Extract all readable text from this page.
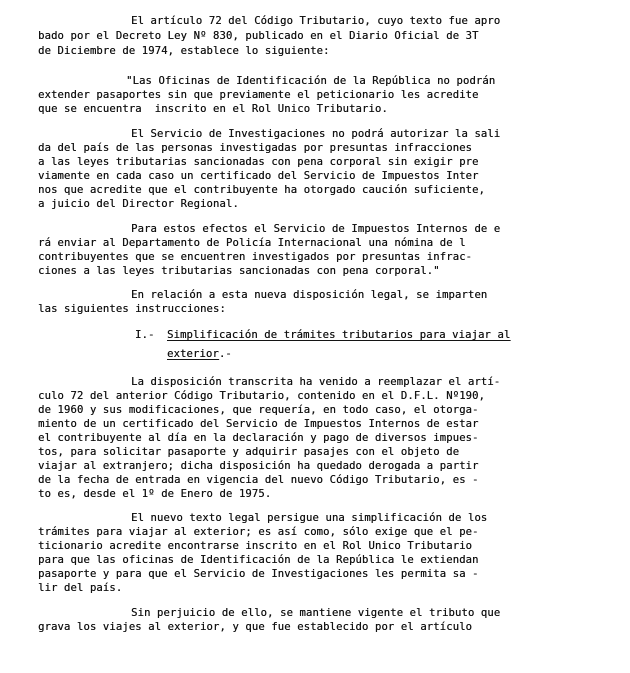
El artículo 72 del Código Tributario, cuyo texto fue apro
bado por el Decreto Ley Nº 830, publicado en el Diario Oficial de 3T
de Diciembre de 1974, establece lo siguiente:
"Las Oficinas de Identificación de la República no podrán
extender pasaportes sin que previamente el peticionario les acredite
que se encuentra  inscrito en el Rol Unico Tributario.
El Servicio de Investigaciones no podrá autorizar la sali
da del país de las personas investigadas por presuntas infracciones
a las leyes tributarias sancionadas con pena corporal sin exigir pre
viamente en cada caso un certificado del Servicio de Impuestos Inter
nos que acredite que el contribuyente ha otorgado caución suficiente,
a juicio del Director Regional.
Para estos efectos el Servicio de Impuestos Internos de e
rá enviar al Departamento de Policía Internacional una nómina de l
contribuyentes que se encuentren investigados por presuntas infrac-
ciones a las leyes tributarias sancionadas con pena corporal."
En relación a esta nueva disposición legal, se imparten
las siguientes instrucciones:
I.- Simplificación de trámites tributarios para viajar al
exterior.-
La disposición transcrita ha venido a reemplazar el artí-
culo 72 del anterior Código Tributario, contenido en el D.F.L. Nº190,
de 1960 y sus modificaciones, que requería, en todo caso, el otorga-
miento de un certificado del Servicio de Impuestos Internos de estar
el contribuyente al día en la declaración y pago de diversos impues-
tos, para solicitar pasaporte y adquirir pasajes con el objeto de
viajar al extranjero; dicha disposición ha quedado derogada a partir
de la fecha de entrada en vigencia del nuevo Código Tributario, es -
to es, desde el 1º de Enero de 1975.
El nuevo texto legal persigue una simplificación de los
trámites para viajar al exterior; es así como, sólo exige que el pe-
ticionario acredite encontrarse inscrito en el Rol Unico Tributario
para que las oficinas de Identificación de la República le extiendan
pasaporte y para que el Servicio de Investigaciones les permita sa -
lir del país.
Sin perjuicio de ello, se mantiene vigente el tributo que
grava los viajes al exterior, y que fue establecido por el artículo
